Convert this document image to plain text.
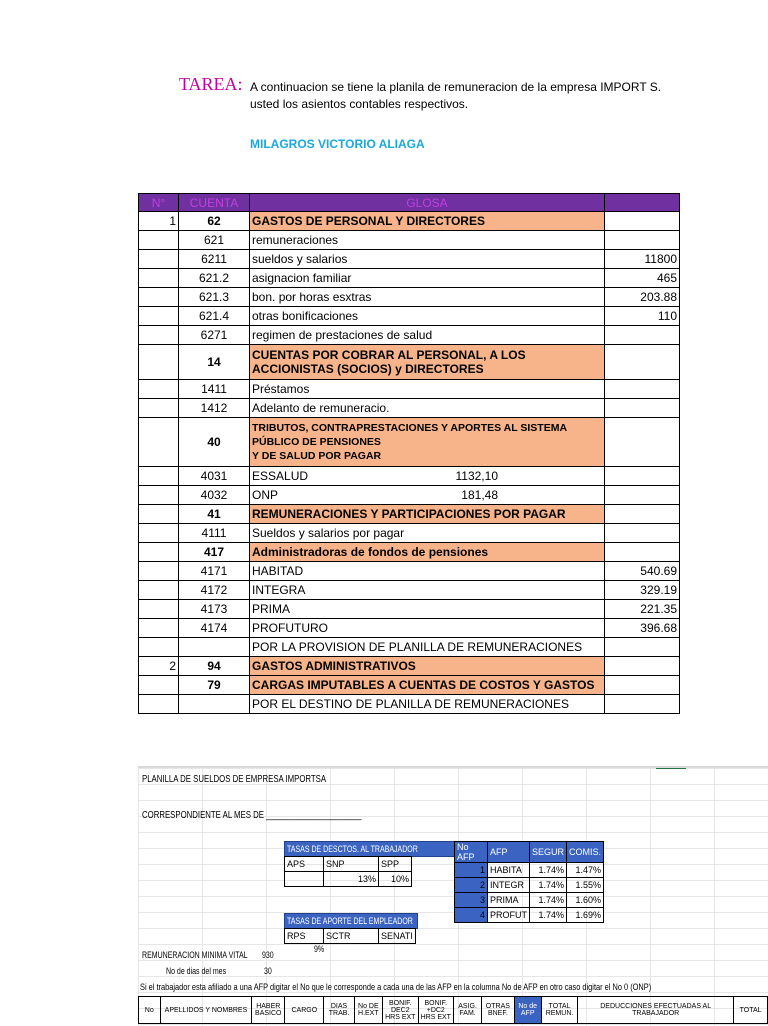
TAREA: A continuacion se tiene la planila de remuneracion de la empresa IMPORT S.
usted los asientos contables respectivos.
MILAGROS VICTORIO ALIAGA
N°	CUENTA	GLOSA	
1	62	GASTOS DE PERSONAL Y DIRECTORES	
	621	remuneraciones	
	6211	sueldos y salarios	11800
	621.2	asignacion familiar	465
	621.3	bon. por horas esxtras	203.88
	621.4	otras bonificaciones	110
	6271	regimen de prestaciones de salud	
	14	CUENTAS POR COBRAR AL PERSONAL, A LOS ACCIONISTAS (SOCIOS) y DIRECTORES	
	1411	Préstamos	
	1412	Adelanto de remuneracio.	
	40	TRIBUTOS, CONTRAPRESTACIONES Y APORTES AL SISTEMA PÚBLICO DE PENSIONES
Y DE SALUD POR PAGAR	
	4031	ESSALUD 1132,10	

	4032	ONP 181,48	

	41	REMUNERACIONES Y PARTICIPACIONES POR PAGAR	
	4111	Sueldos y salarios por pagar	
	417	Administradoras de fondos de pensiones	
	4171	HABITAD	540.69
	4172	INTEGRA	329.19
	4173	PRIMA	221.35
	4174	PROFUTURO	396.68
		POR LA PROVISION DE PLANILLA DE REMUNERACIONES	
2	94	GASTOS ADMINISTRATIVOS	
	79	CARGAS IMPUTABLES A CUENTAS DE COSTOS Y GASTOS	
		POR EL DESTINO DE PLANILLA DE REMUNERACIONES	
PLANILLA DE SUELDOS DE EMPRESA IMPORTSA
CORRESPONDIENTE AL MES DE ______________________
TASAS DE DESCTOS. AL TRABAJADOR
APS	SNP	SPP
	13%	10%
TASAS DE APORTE DEL EMPLEADOR
RPS	SCTR	SENATI
9%
No AFP	AFP	SEGUR	COMIS.
1	HABITA	1.74%	1.47%
2	INTEGR	1.74%	1.55%
3	PRIMA	1.74%	1.60%
4	PROFUT	1.74%	1.69%
REMUNERACION MINIMA VITAL 930
No de dias del mes	30
Si el trabajador esta afiliado a una AFP digitar el No que le corresponde a cada una de las AFP en la columna No de AFP en otro caso digitar el No 0 (ONP)
No	APELLIDOS Y NOMBRES	HABER BASICO	CARGO	DIAS TRAB.	No DE H.EXT	BONIF. DEC2 HRS EXT	BONIF. +DC2 HRS EXT	ASIG. FAM.	OTRAS BNEF.	No de AFP	TOTAL REMUN.	DEDUCCIONES EFECTUADAS AL TRABAJADOR	TOTAL
